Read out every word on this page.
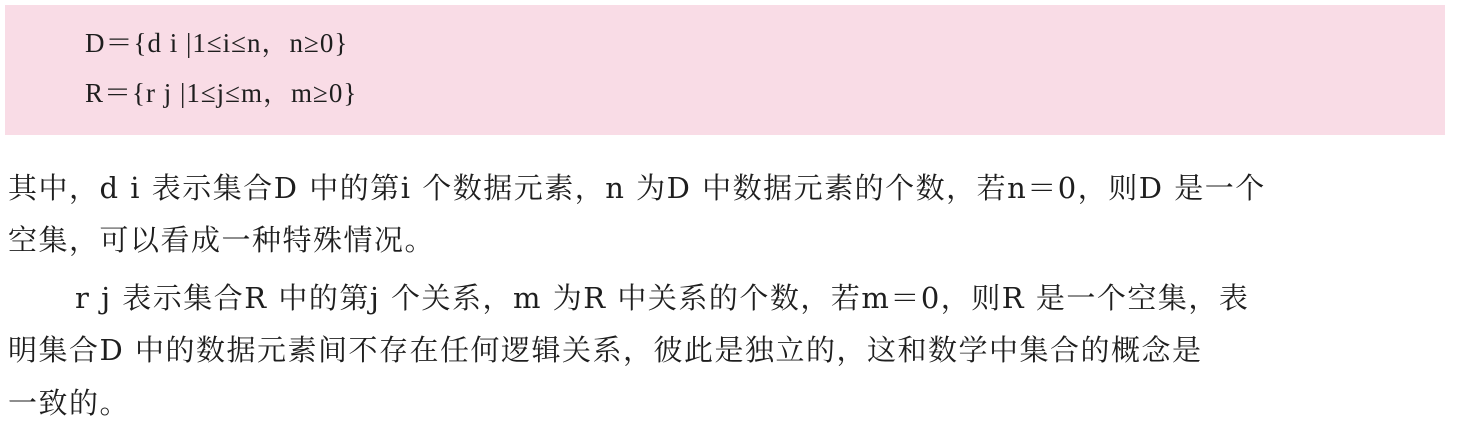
D＝{d i |1≤i≤n，n≥0}
R＝{r j |1≤j≤m，m≥0}
其中，d i 表示集合D 中的第i 个数据元素，n 为D 中数据元素的个数，若n＝0，则D 是一个
空集，可以看成一种特殊情况。
r j 表示集合R 中的第j 个关系，m 为R 中关系的个数，若m＝0，则R 是一个空集，表
明集合D 中的数据元素间不存在任何逻辑关系，彼此是独立的，这和数学中集合的概念是
一致的。
